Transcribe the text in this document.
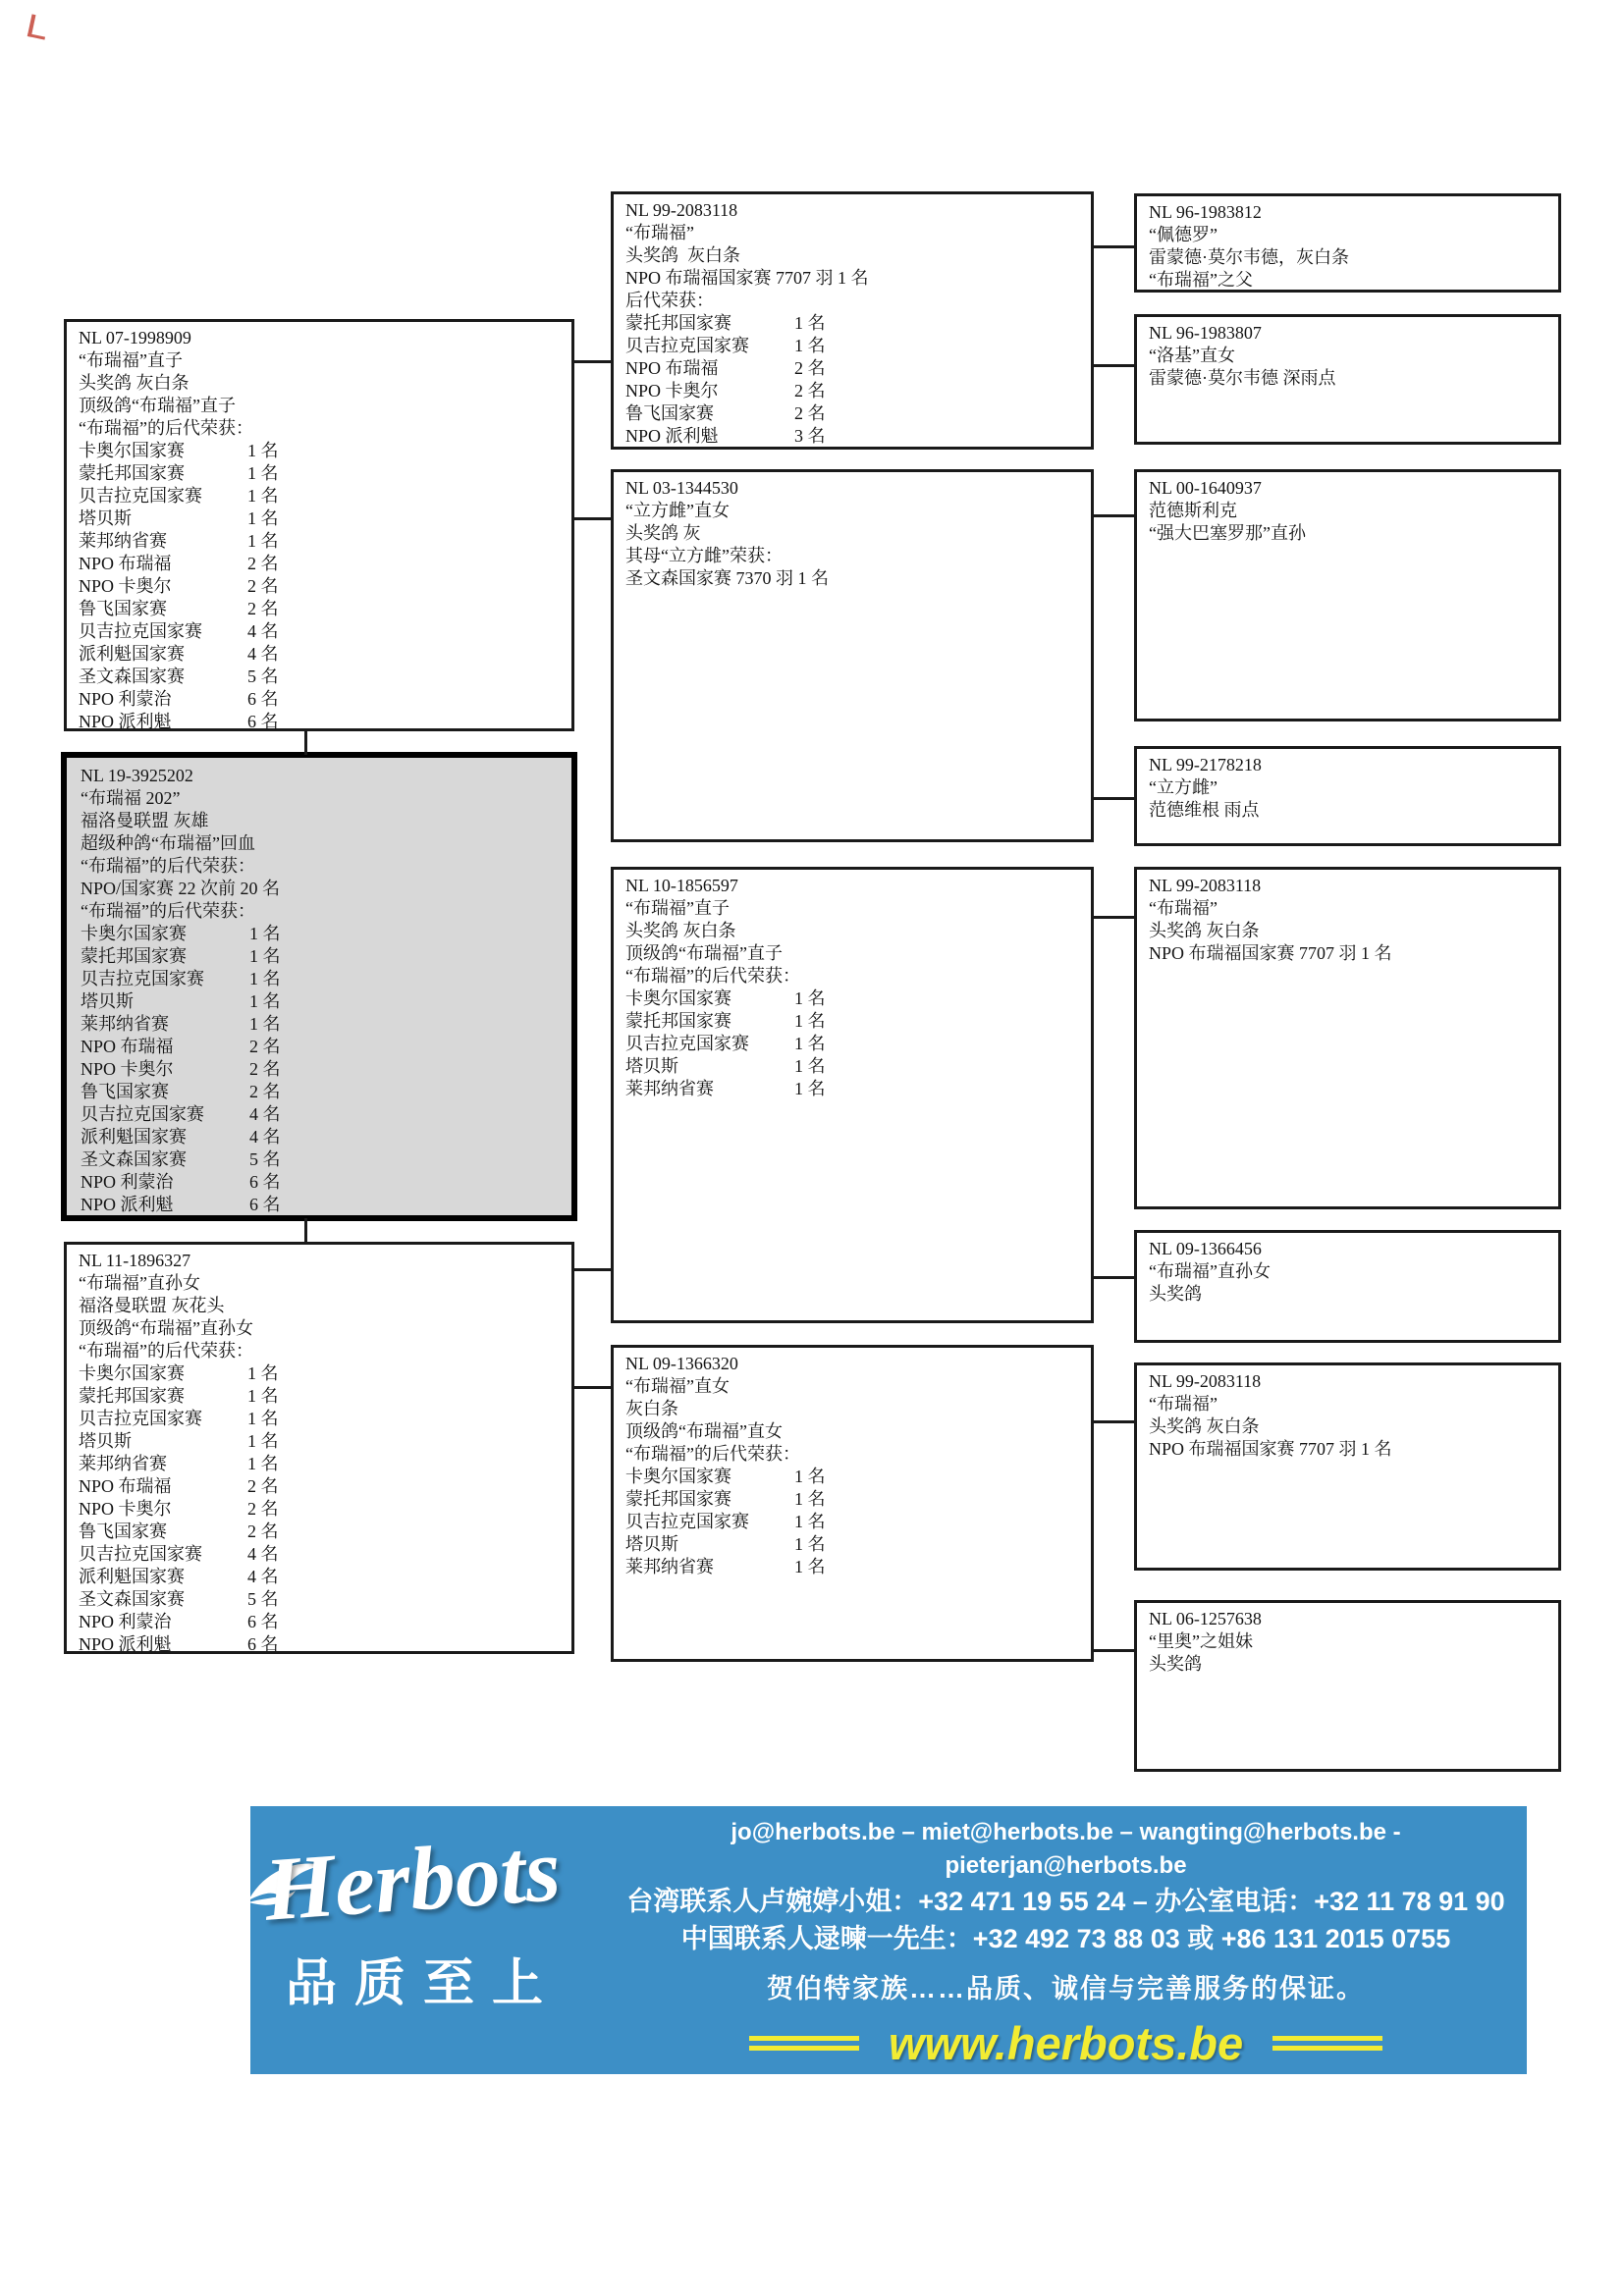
NL 07-1998909
“布瑞福”直子
头奖鸽 灰白条
顶级鸽“布瑞福”直子
“布瑞福”的后代荣获：
卡奥尔国家赛	1 名
蒙托邦国家赛	1 名
贝吉拉克国家赛	1 名
塔贝斯	1 名
莱邦纳省赛	1 名
NPO 布瑞福	2 名
NPO 卡奥尔	2 名
鲁飞国家赛	2 名
贝吉拉克国家赛	4 名
派利魁国家赛	4 名
圣文森国家赛	5 名
NPO 利蒙治	6 名
NPO 派利魁	6 名
NL 19-3925202
“布瑞福 202”
福洛曼联盟 灰雄
超级种鸽“布瑞福”回血
“布瑞福”的后代荣获：
NPO/国家赛 22 次前 20 名
“布瑞福”的后代荣获：
卡奥尔国家赛	1 名
蒙托邦国家赛	1 名
贝吉拉克国家赛	1 名
塔贝斯	1 名
莱邦纳省赛	1 名
NPO 布瑞福	2 名
NPO 卡奥尔	2 名
鲁飞国家赛	2 名
贝吉拉克国家赛	4 名
派利魁国家赛	4 名
圣文森国家赛	5 名
NPO 利蒙治	6 名
NPO 派利魁	6 名
NL 11-1896327
“布瑞福”直孙女
福洛曼联盟 灰花头
顶级鸽“布瑞福”直孙女
“布瑞福”的后代荣获：
卡奥尔国家赛	1 名
蒙托邦国家赛	1 名
贝吉拉克国家赛	1 名
塔贝斯	1 名
莱邦纳省赛	1 名
NPO 布瑞福	2 名
NPO 卡奥尔	2 名
鲁飞国家赛	2 名
贝吉拉克国家赛	4 名
派利魁国家赛	4 名
圣文森国家赛	5 名
NPO 利蒙治	6 名
NPO 派利魁	6 名
NL 99-2083118
“布瑞福”
头奖鸽  灰白条
NPO 布瑞福国家赛 7707 羽 1 名
后代荣获：
蒙托邦国家赛	1 名
贝吉拉克国家赛	1 名
NPO 布瑞福	2 名
NPO 卡奥尔	2 名
鲁飞国家赛	2 名
NPO 派利魁	3 名
NL 03-1344530
“立方雌”直女
头奖鸽 灰
其母“立方雌”荣获：
圣文森国家赛 7370 羽 1 名
NL 10-1856597
“布瑞福”直子
头奖鸽 灰白条
顶级鸽“布瑞福”直子
“布瑞福”的后代荣获：
卡奥尔国家赛	1 名
蒙托邦国家赛	1 名
贝吉拉克国家赛	1 名
塔贝斯	1 名
莱邦纳省赛	1 名
NL 09-1366320
“布瑞福”直女
灰白条
顶级鸽“布瑞福”直女
“布瑞福”的后代荣获：
卡奥尔国家赛	1 名
蒙托邦国家赛	1 名
贝吉拉克国家赛	1 名
塔贝斯	1 名
莱邦纳省赛	1 名
NL 96-1983812
“佩德罗”
雷蒙德·莫尔韦德，灰白条
“布瑞福”之父
NL 96-1983807
“洛基”直女
雷蒙德·莫尔韦德 深雨点
NL 00-1640937
范德斯利克
“强大巴塞罗那”直孙
NL 99-2178218
“立方雌”
范德维根 雨点
NL 99-2083118
“布瑞福”
头奖鸽 灰白条
NPO 布瑞福国家赛 7707 羽 1 名
NL 09-1366456
“布瑞福”直孙女
头奖鸽
NL 99-2083118
“布瑞福”
头奖鸽 灰白条
NPO 布瑞福国家赛 7707 羽 1 名
NL 06-1257638
“里奥”之姐妹
头奖鸽
Herbots
品质至上
jo@herbots.be – miet@herbots.be – wangting@herbots.be - pieterjan@herbots.be
台湾联系人卢婉婷小姐：+32 471 19 55 24 – 办公室电话：+32 11 78 91 90
中国联系人逯暕一先生：+32 492 73 88 03 或 +86 131 2015 0755
贺伯特家族……品质、诚信与完善服务的保证。
www.herbots.be
